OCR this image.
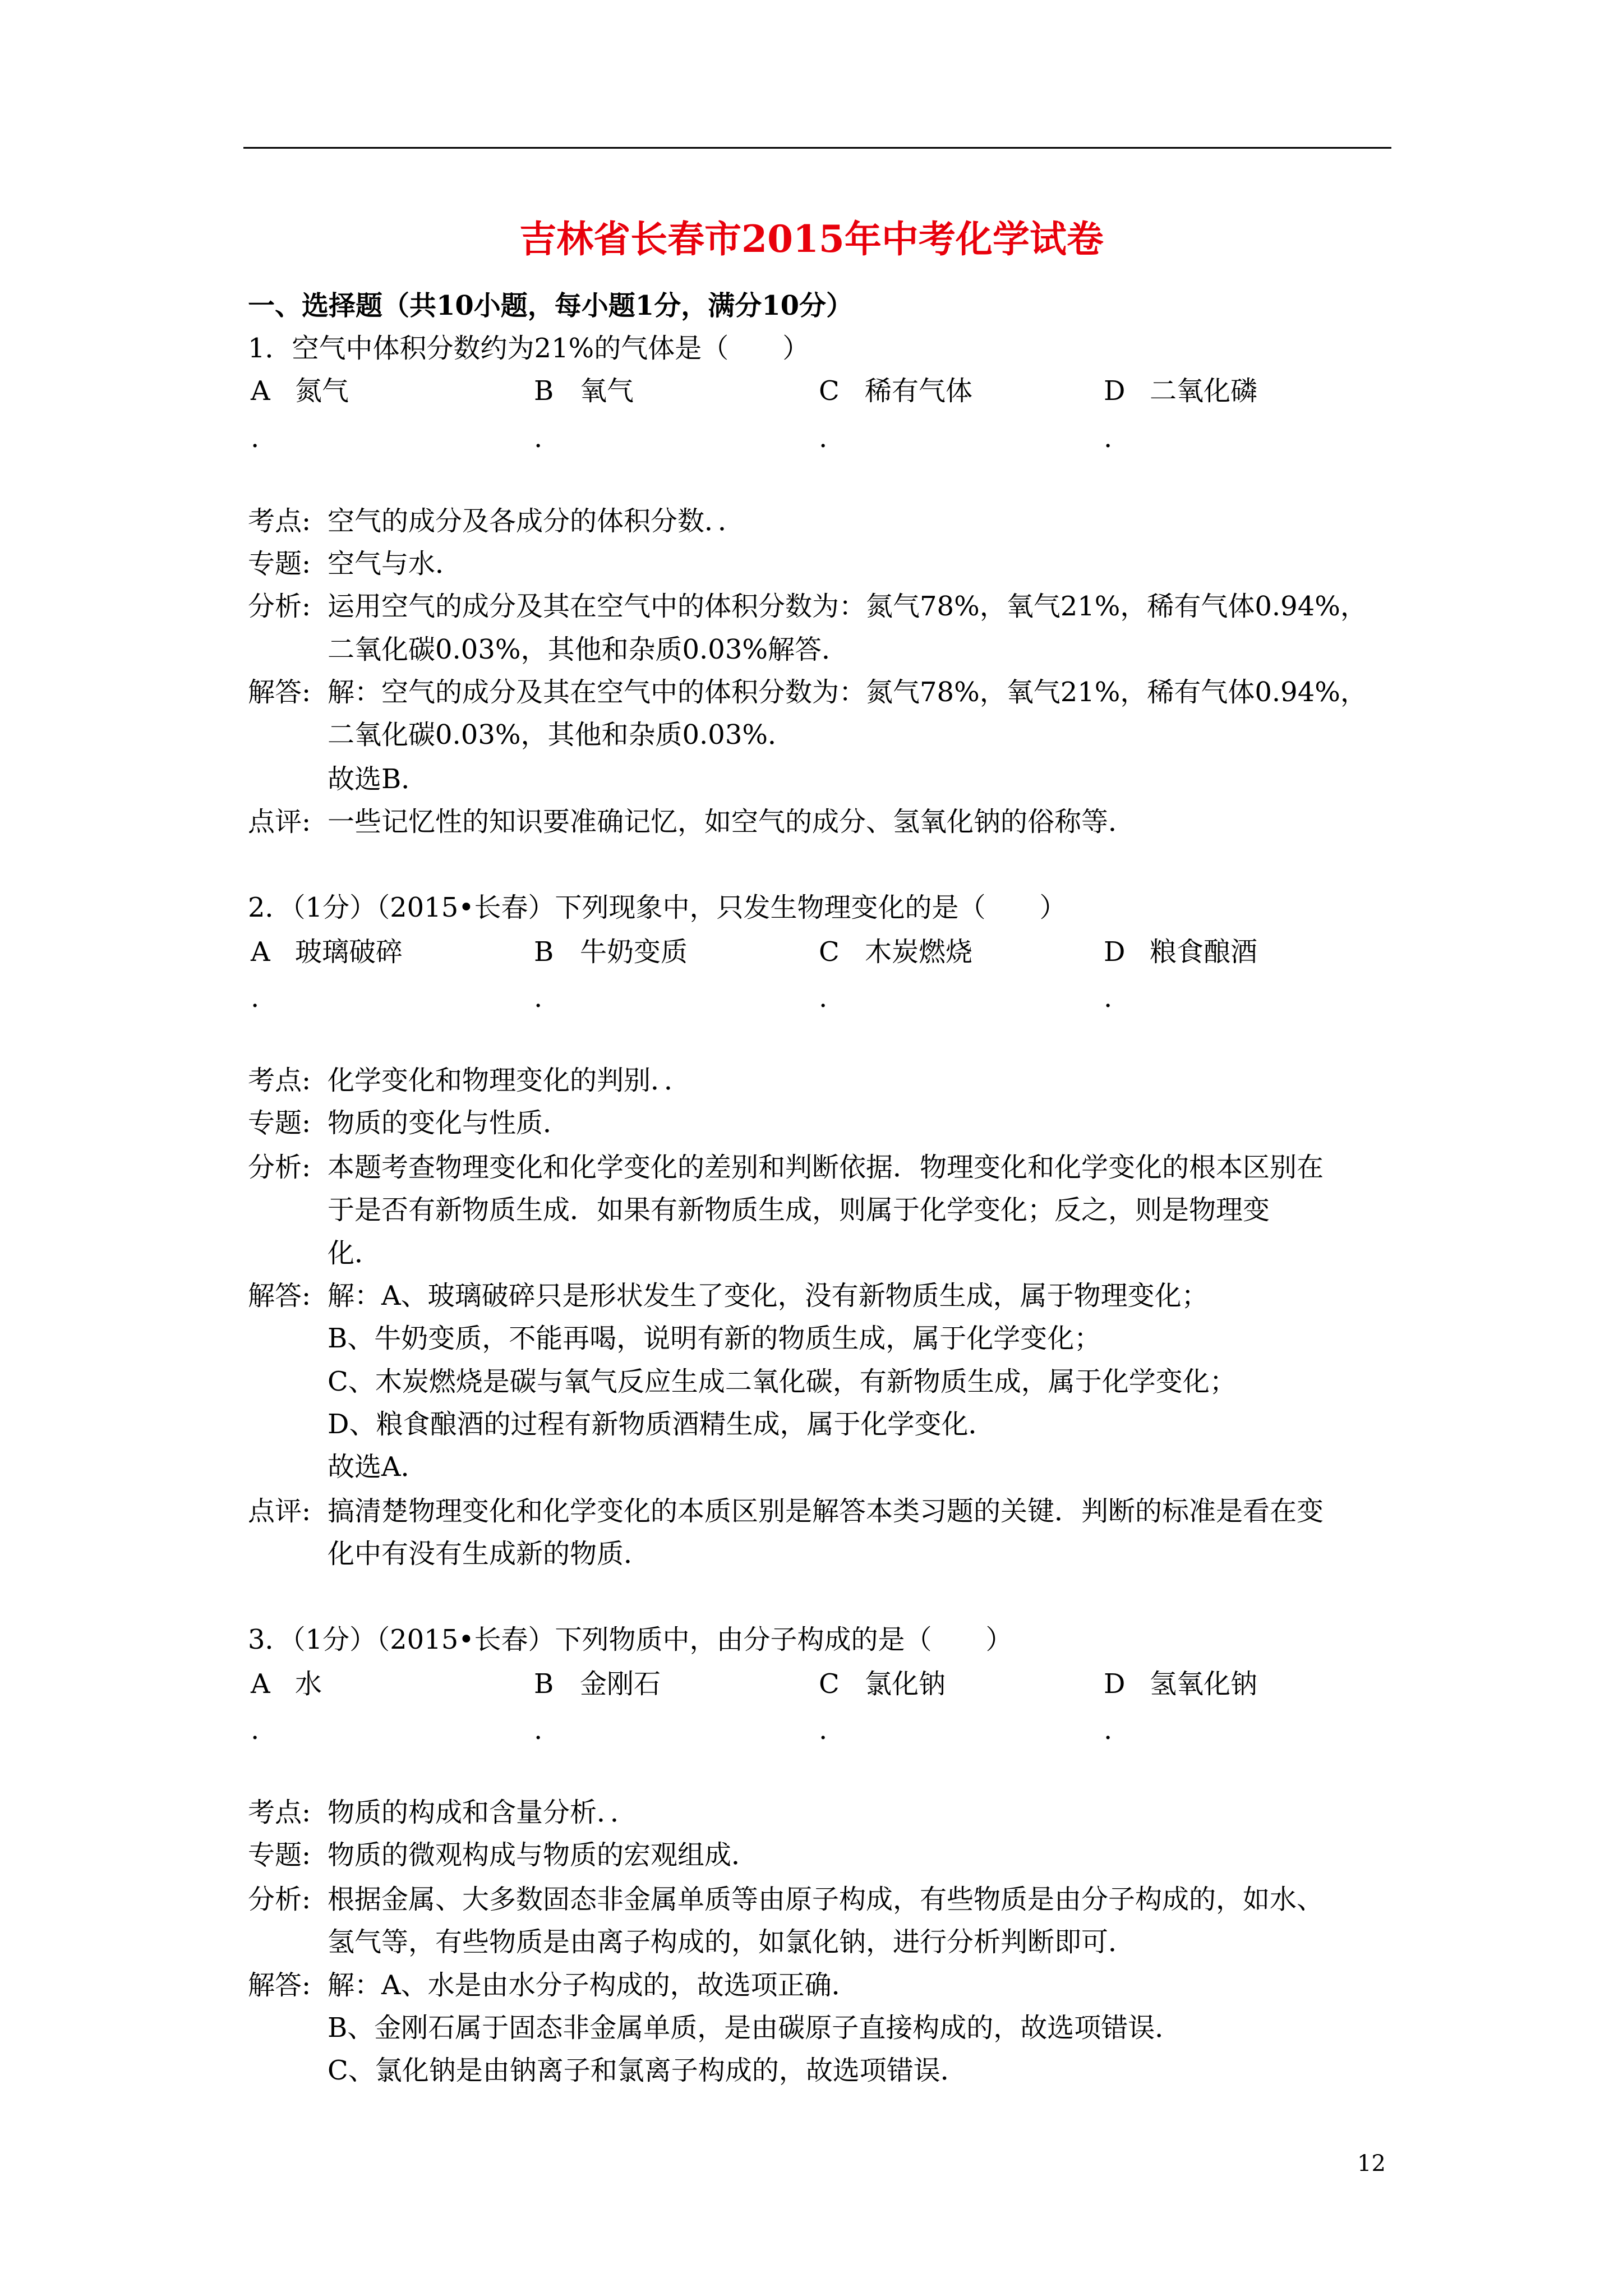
吉林省长春市2015年中考化学试卷
一、选择题（共10小题，每小题1分，满分10分）
1．空气中体积分数约为21%的气体是（　　）
A 氮气	B 氧气	C 稀有气体	D 二氧化磷
.	.	.	.
考点: 空气的成分及各成分的体积分数．．
专题: 空气与水．
分析: 运用空气的成分及其在空气中的体积分数为：氮气78%，氧气21%，稀有气体0.94%，
二氧化碳0.03%，其他和杂质0.03%解答．
解答: 解：空气的成分及其在空气中的体积分数为：氮气78%，氧气21%，稀有气体0.94%，
二氧化碳0.03%，其他和杂质0.03%．
故选B．
点评: 一些记忆性的知识要准确记忆，如空气的成分、氢氧化钠的俗称等．
2．（1分）（2015•长春）下列现象中，只发生物理变化的是（　　）
A 玻璃破碎	B 牛奶变质	C 木炭燃烧	D 粮食酿酒
.	.	.	.
考点: 化学变化和物理变化的判别．．
专题: 物质的变化与性质．
分析: 本题考查物理变化和化学变化的差别和判断依据．物理变化和化学变化的根本区别在
于是否有新物质生成．如果有新物质生成，则属于化学变化；反之，则是物理变
化．
解答: 解：A、玻璃破碎只是形状发生了变化，没有新物质生成，属于物理变化；
B、牛奶变质，不能再喝，说明有新的物质生成，属于化学变化；
C、木炭燃烧是碳与氧气反应生成二氧化碳，有新物质生成，属于化学变化；
D、粮食酿酒的过程有新物质酒精生成，属于化学变化．
故选A．
点评: 搞清楚物理变化和化学变化的本质区别是解答本类习题的关键．判断的标准是看在变
化中有没有生成新的物质．
3．（1分）（2015•长春）下列物质中，由分子构成的是（　　）
A 水	B 金刚石	C 氯化钠	D 氢氧化钠
.	.	.	.
考点: 物质的构成和含量分析．．
专题: 物质的微观构成与物质的宏观组成．
分析: 根据金属、大多数固态非金属单质等由原子构成，有些物质是由分子构成的，如水、
氢气等，有些物质是由离子构成的，如氯化钠，进行分析判断即可．
解答: 解：A、水是由水分子构成的，故选项正确．
B、金刚石属于固态非金属单质，是由碳原子直接构成的，故选项错误．
C、氯化钠是由钠离子和氯离子构成的，故选项错误．
12
